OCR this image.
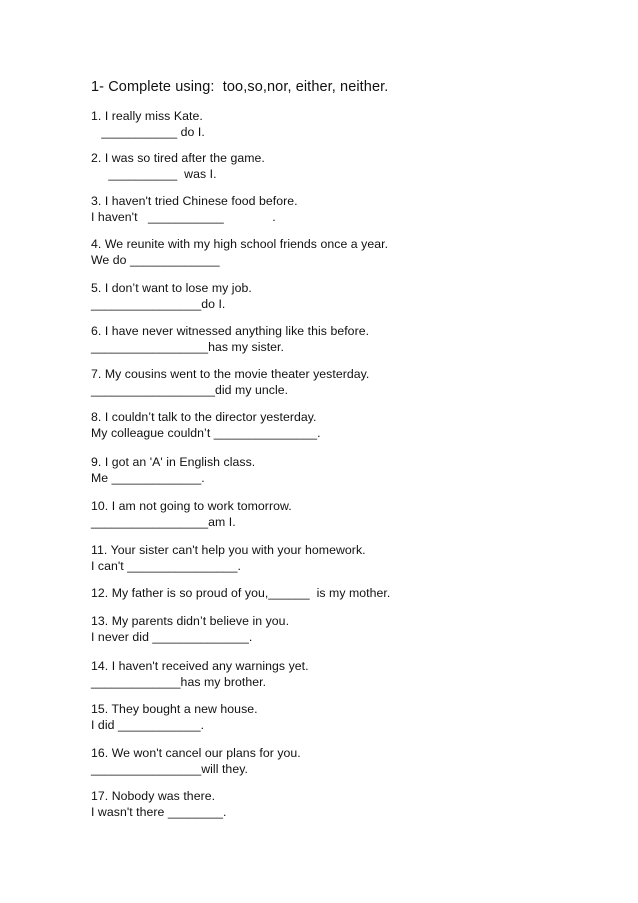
1- Complete using:  too,so,nor, either, neither.
1. I really miss Kate.
___________ do I.
2. I was so tired after the game.
__________  was I.
3. I haven't tried Chinese food before.
I haven't   ___________              .
4. We reunite with my high school friends once a year.
We do _____________
5. I don’t want to lose my job.
________________do I.
6. I have never witnessed anything like this before.
_________________has my sister.
7. My cousins went to the movie theater yesterday.
__________________did my uncle.
8. I couldn’t talk to the director yesterday.
My colleague couldn’t _______________.
9. I got an 'A' in English class.
Me _____________.
10. I am not going to work tomorrow.
_________________am I.
11. Your sister can't help you with your homework.
I can't ________________.
12. My father is so proud of you,______  is my mother.
13. My parents didn’t believe in you.
I never did ______________.
14. I haven't received any warnings yet.
_____________has my brother.
15. They bought a new house.
I did ____________.
16. We won't cancel our plans for you.
________________will they.
17. Nobody was there.
I wasn't there ________.
